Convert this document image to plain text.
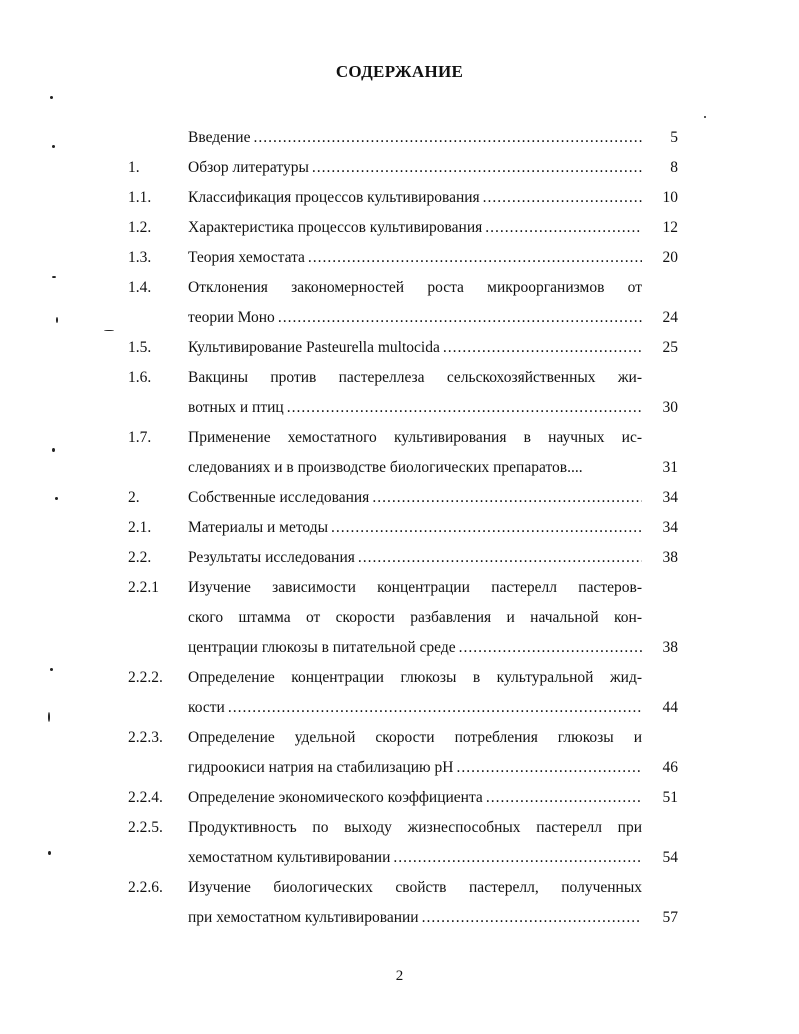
СОДЕРЖАНИЕ
Введение .....	5
1.	Обзор литературы .....	8
1.1. Классификация процессов культивирования .....	10
1.2. Характеристика процессов культивирования .....	12
1.3. Теория хемостата .....	20
1.4. Отклонения закономерностей роста микроорганизмов от
теории Моно .....	24
1.5. Культивирование Pasteurella multocida .....	25
1.6. Вакцины против пастереллеза сельскохозяйственных жи-
вотных и птиц .....	30
1.7. Применение хемостатного культивирования в научных ис-
следованиях и в производстве биологических препаратов....	31
2.	Собственные исследования .....	34
2.1. Материалы и методы .....	34
2.2. Результаты исследования .....	38
2.2.1 Изучение зависимости концентрации пастерелл пастеров-
ского штамма от скорости разбавления и начальной кон-
центрации глюкозы в питательной среде .....	38
2.2.2. Определение концентрации глюкозы в культуральной жид-
кости .....	44
2.2.3. Определение удельной скорости потребления глюкозы и
гидроокиси натрия на стабилизацию pH .....	46
2.2.4. Определение экономического коэффициента .....	51
2.2.5. Продуктивность по выходу жизнеспособных пастерелл при
хемостатном культивировании .....	54
2.2.6. Изучение биологических свойств пастерелл, полученных
при хемостатном культивировании .....	57
2
